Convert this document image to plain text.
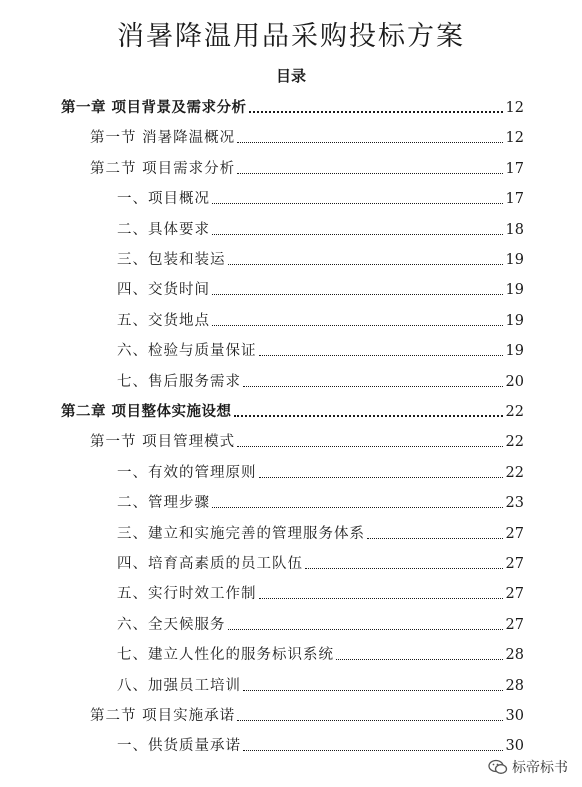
消暑降温用品采购投标方案
目录
第一章 项目背景及需求分析	12
第一节 消暑降温概况	12
第二节 项目需求分析	17
一、项目概况	17
二、具体要求	18
三、包装和装运	19
四、交货时间	19
五、交货地点	19
六、检验与质量保证	19
七、售后服务需求	20
第二章 项目整体实施设想	22
第一节 项目管理模式	22
一、有效的管理原则	22
二、管理步骤	23
三、建立和实施完善的管理服务体系	27
四、培育高素质的员工队伍	27
五、实行时效工作制	27
六、全天候服务	27
七、建立人性化的服务标识系统	28
八、加强员工培训	28
第二节 项目实施承诺	30
一、供货质量承诺	30
标帝标书
